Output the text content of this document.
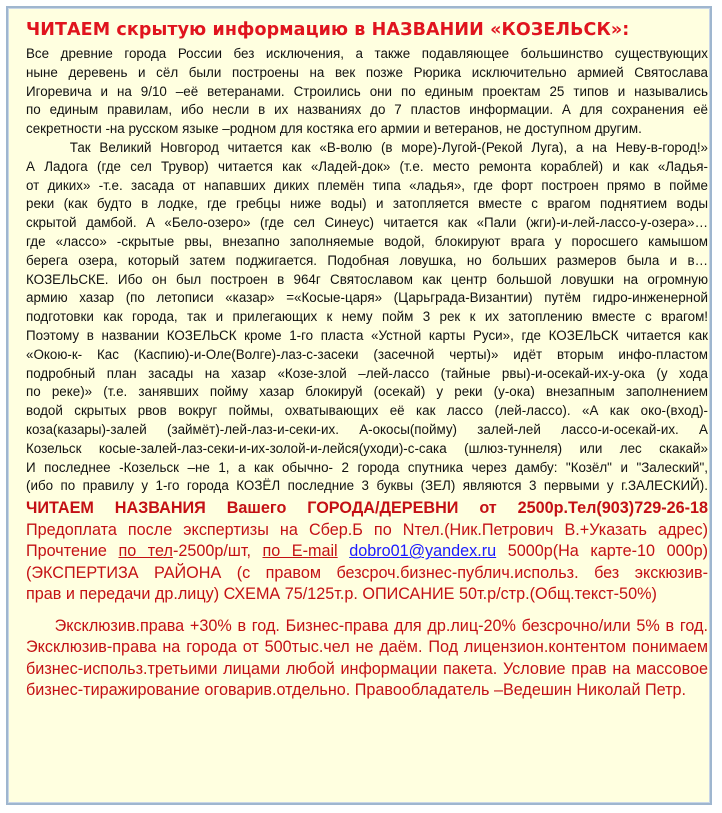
ЧИТАЕМ скрытую информацию в НАЗВАНИИ «КОЗЕЛЬСК»:
Все древние города России без исключения, а также подавляющее большинство существующих
ныне деревень и сёл были построены на век позже Рюрика исключительно армией Святослава
Игоревича и на 9/10 –её ветеранами. Строились они по единым проектам 25 типов и назывались
по единым правилам, ибо несли в их названиях до 7 пластов информации. А для сохранения её
секретности -на русском языке –родном для костяка его армии и ветеранов, не доступном другим.
Так Великий Новгород читается как «В-волю (в море)-Лугой-(Рекой Луга), а на Неву-в-город!»
А Ладога (где сел Трувор) читается как «Ладей-док» (т.е. место ремонта кораблей) и как «Ладья-
от диких» -т.е. засада от напавших диких племён типа «ладья», где форт построен прямо в пойме
реки (как будто в лодке, где гребцы ниже воды) и затопляется вместе с врагом поднятием воды
скрытой дамбой. А «Бело-озеро» (где сел Синеус) читается как «Пали (жги)-и-лей-лассо-у-озера»…
где «лассо» -скрытые рвы, внезапно заполняемые водой, блокируют врага у поросшего камышом
берега озера, который затем поджигается. Подобная ловушка, но больших размеров была и в…
КОЗЕЛЬСКЕ. Ибо он был построен в 964г Святославом как центр большой ловушки на огромную
армию хазар (по летописи «казар» =«Косые-царя» (Царьграда-Византии) путём гидро-инженерной
подготовки как города, так и прилегающих к нему пойм 3 рек к их затоплению вместе с врагом!
Поэтому в названии КОЗЕЛЬСК кроме 1-го пласта «Устной карты Руси», где КОЗЕЛЬСК читается как
«Окою-к- Кас (Каспию)-и-Оле(Волге)-лаз-с-засеки (засечной черты)» идёт вторым инфо-пластом
подробный план засады на хазар «Козе-злой –лей-лассо (тайные рвы)-и-осекай-их-у-ока (у хода
по реке)» (т.е. занявших пойму хазар блокируй (осекай) у реки (у-ока) внезапным заполнением
водой скрытых рвов вокруг поймы, охватывающих её как лассо (лей-лассо). «А как око-(вход)-
коза(казары)-залей (займёт)-лей-лаз-и-секи-их. А-окосы(пойму) залей-лей лассо-и-осекай-их. А
Козельск косые-залей-лаз-секи-и-их-золой-и-лейся(уходи)-с-сака (шлюз-туннеля) или лес скакай»
И последнее -Козельск –не 1, а как обычно- 2 города спутника через дамбу: "Козёл" и "Залеский",
(ибо по правилу у 1-го города КОЗЁЛ последние 3 буквы (ЗЕЛ) являются 3 первыми у г.ЗАЛЕСКИЙ).
ЧИТАЕМ НАЗВАНИЯ Вашего ГОРОДА/ДЕРЕВНИ от 2500р.Тел(903)729-26-18
Предоплата после экспертизы на Сбер.Б по Nтел.(Ник.Петрович В.+Указать адрес)
Прочтение по тел-2500р/шт, по E-mail dobro01@yandex.ru 5000р(На карте-10 000р)
(ЭКСПЕРТИЗА РАЙОНА (с правом безсроч.бизнес-публич.использ. без экскюзив-
прав и передачи др.лицу) СХЕМА 75/125т.р. ОПИСАНИЕ 50т.р/стр.(Общ.текст-50%)
Эксклюзив.права +30% в год. Бизнес-права для др.лиц-20% безсрочно/или 5% в год.
Эксклюзив-права на города от 500тыс.чел не даём. Под лицензион.контентом понимаем
бизнес-использ.третьими лицами любой информации пакета. Условие прав на массовое
бизнес-тиражирование оговарив.отдельно. Правообладатель –Ведешин Николай Петр.
